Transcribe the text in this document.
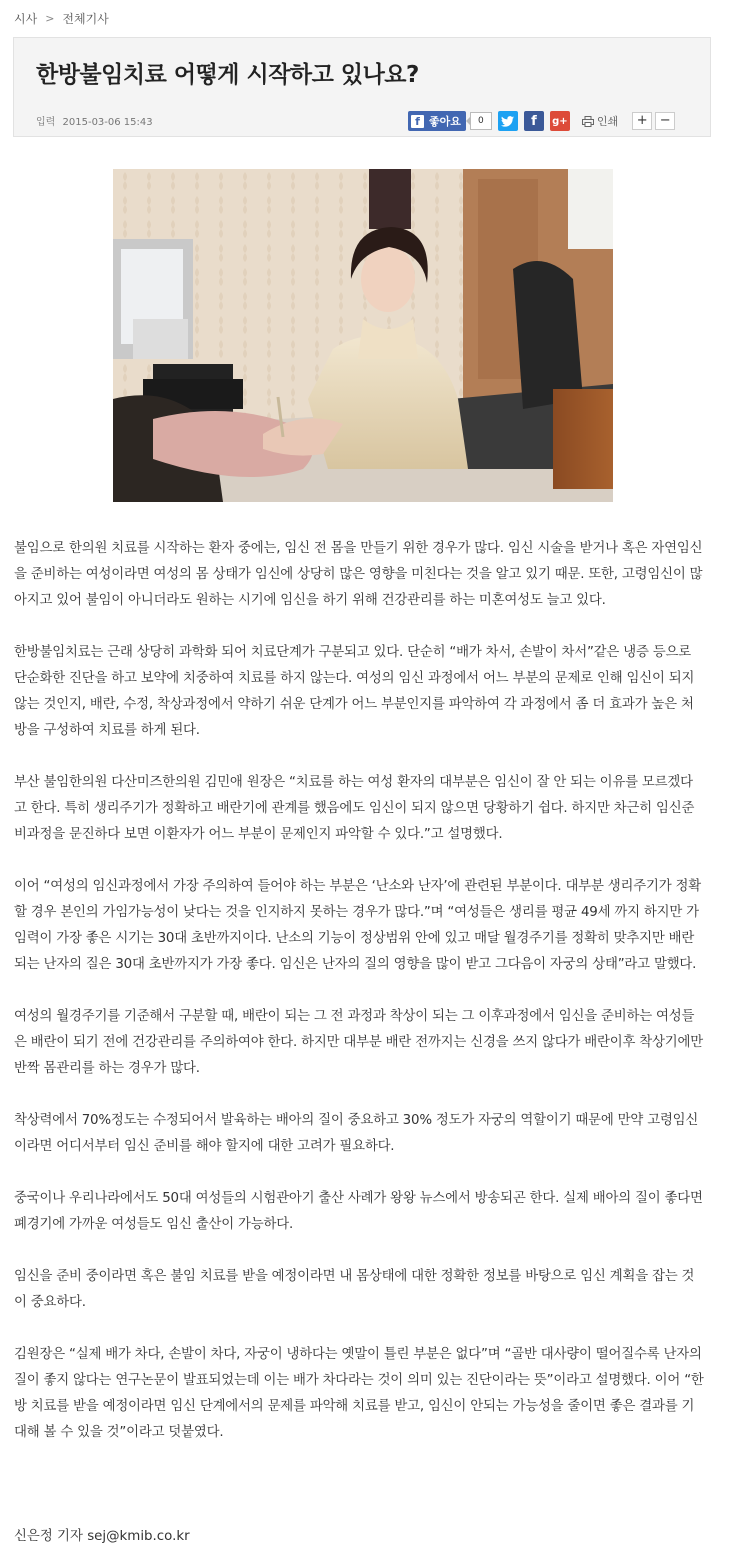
시사 > 전체기사
한방불임치료 어떻게 시작하고 있나요?
입력 2015-03-06 15:43	f 좋아요	0	f g+	인쇄	+ −

불임으로 한의원 치료를 시작하는 환자 중에는, 임신 전 몸을 만들기 위한 경우가 많다. 임신 시술을 받거나 혹은 자연임신을 준비하는 여성이라면 여성의 몸 상태가 임신에 상당히 많은 영향을 미친다는 것을 알고 있기 때문. 또한, 고령임신이 많아지고 있어 불임이 아니더라도 원하는 시기에 임신을 하기 위해 건강관리를 하는 미혼여성도 늘고 있다.

한방불임치료는 근래 상당히 과학화 되어 치료단계가 구분되고 있다. 단순히 “배가 차서, 손발이 차서”같은 냉증 등으로 단순화한 진단을 하고 보약에 치중하여 치료를 하지 않는다. 여성의 임신 과정에서 어느 부분의 문제로 인해 임신이 되지 않는 것인지, 배란, 수정, 착상과정에서 약하기 쉬운 단계가 어느 부분인지를 파악하여 각 과정에서 좀 더 효과가 높은 처방을 구성하여 치료를 하게 된다.

부산 불임한의원 다산미즈한의원 김민애 원장은 “치료를 하는 여성 환자의 대부분은 임신이 잘 안 되는 이유를 모르겠다고 한다. 특히 생리주기가 정확하고 배란기에 관계를 했음에도 임신이 되지 않으면 당황하기 쉽다. 하지만 차근히 임신준비과정을 문진하다 보면 이환자가 어느 부분이 문제인지 파악할 수 있다.”고 설명했다.

이어 “여성의 임신과정에서 가장 주의하여 들어야 하는 부분은 ‘난소와 난자’에 관련된 부분이다. 대부분 생리주기가 정확할 경우 본인의 가임가능성이 낮다는 것을 인지하지 못하는 경우가 많다.”며 “여성들은 생리를 평균 49세 까지 하지만 가임력이 가장 좋은 시기는 30대 초반까지이다. 난소의 기능이 정상범위 안에 있고 매달 월경주기를 정확히 맞추지만 배란되는 난자의 질은 30대 초반까지가 가장 좋다. 임신은 난자의 질의 영향을 많이 받고 그다음이 자궁의 상태”라고 말했다.

여성의 월경주기를 기준해서 구분할 때, 배란이 되는 그 전 과정과 착상이 되는 그 이후과정에서 임신을 준비하는 여성들은 배란이 되기 전에 건강관리를 주의하여야 한다. 하지만 대부분 배란 전까지는 신경을 쓰지 않다가 배란이후 착상기에만 반짝 몸관리를 하는 경우가 많다.

착상력에서 70%정도는 수정되어서 발육하는 배아의 질이 중요하고 30% 정도가 자궁의 역할이기 때문에 만약 고령임신이라면 어디서부터 임신 준비를 해야 할지에 대한 고려가 필요하다.

중국이나 우리나라에서도 50대 여성들의 시험관아기 출산 사례가 왕왕 뉴스에서 방송되곤 한다. 실제 배아의 질이 좋다면 폐경기에 가까운 여성들도 임신 출산이 가능하다.

임신을 준비 중이라면 혹은 불임 치료를 받을 예정이라면 내 몸상태에 대한 정확한 정보를 바탕으로 임신 계획을 잡는 것이 중요하다.

김원장은 “실제 배가 차다, 손발이 차다, 자궁이 냉하다는 옛말이 틀린 부분은 없다”며 “골반 대사량이 떨어질수록 난자의 질이 좋지 않다는 연구논문이 발표되었는데 이는 배가 차다라는 것이 의미 있는 진단이라는 뜻”이라고 설명했다. 이어 “한방 치료를 받을 예정이라면 임신 단계에서의 문제를 파악해 치료를 받고, 임신이 안되는 가능성을 줄이면 좋은 결과를 기대해 볼 수 있을 것”이라고 덧붙였다.

신은정 기자 sej@kmib.co.kr
